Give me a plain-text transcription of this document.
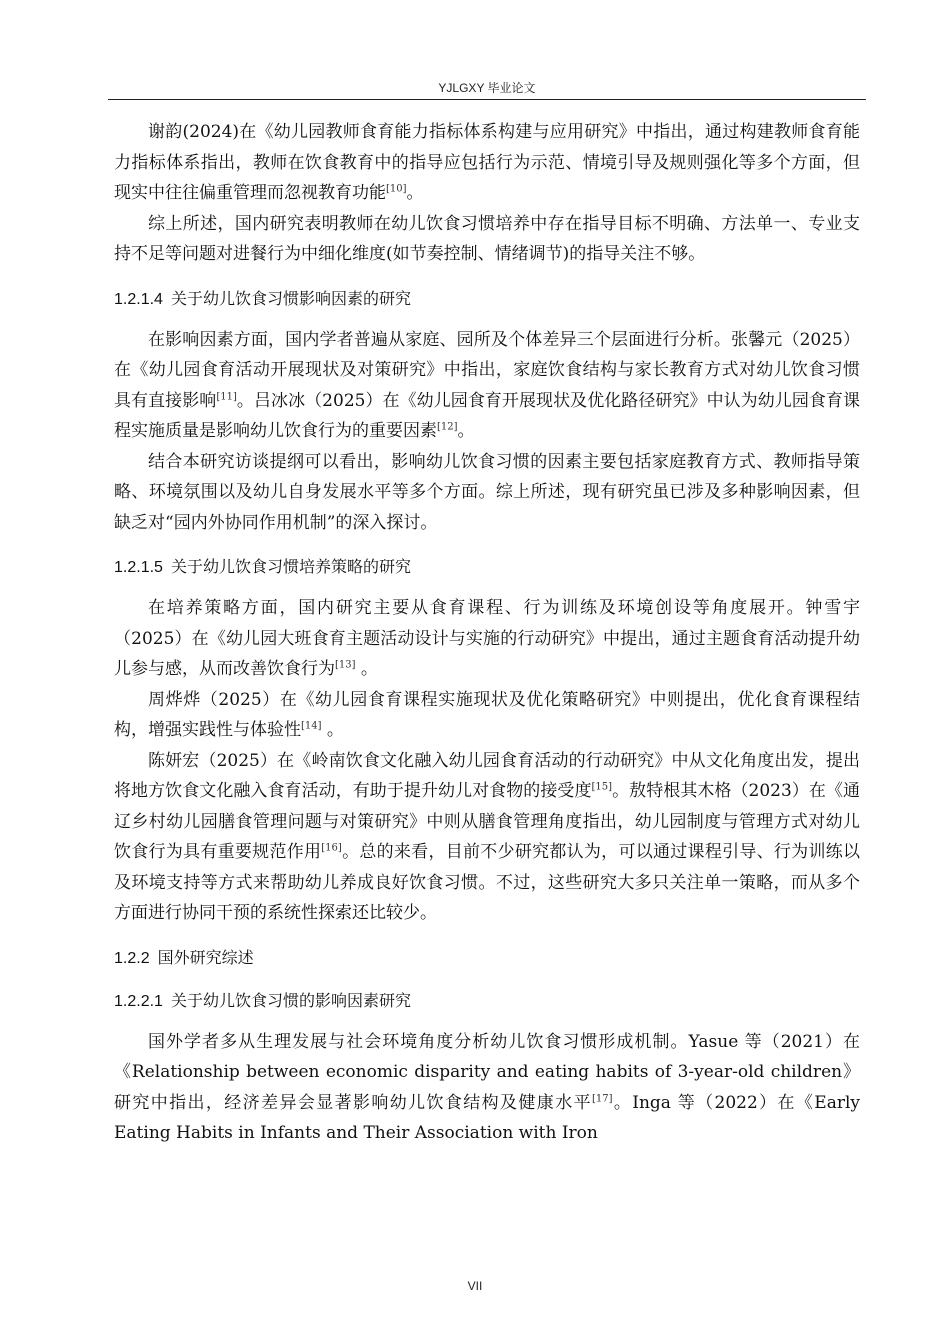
YJLGXY 毕业论文

谢韵(2024)在《幼儿园教师食育能力指标体系构建与应用研究》中指出，通过构建教师食育能力指标体系指出，教师在饮食教育中的指导应包括行为示范、情境引导及规则强化等多个方面，但现实中往往偏重管理而忽视教育功能[10]。

综上所述，国内研究表明教师在幼儿饮食习惯培养中存在指导目标不明确、方法单一、专业支持不足等问题对进餐行为中细化维度(如节奏控制、情绪调节)的指导关注不够。

1.2.1.4 关于幼儿饮食习惯影响因素的研究

在影响因素方面，国内学者普遍从家庭、园所及个体差异三个层面进行分析。张馨元（2025）在《幼儿园食育活动开展现状及对策研究》中指出，家庭饮食结构与家长教育方式对幼儿饮食习惯具有直接影响[11]。吕冰冰（2025）在《幼儿园食育开展现状及优化路径研究》中认为幼儿园食育课程实施质量是影响幼儿饮食行为的重要因素[12]。

结合本研究访谈提纲可以看出，影响幼儿饮食习惯的因素主要包括家庭教育方式、教师指导策略、环境氛围以及幼儿自身发展水平等多个方面。综上所述，现有研究虽已涉及多种影响因素，但缺乏对“园内外协同作用机制”的深入探讨。

1.2.1.5 关于幼儿饮食习惯培养策略的研究

在培养策略方面，国内研究主要从食育课程、行为训练及环境创设等角度展开。钟雪宇（2025）在《幼儿园大班食育主题活动设计与实施的行动研究》中提出，通过主题食育活动提升幼儿参与感，从而改善饮食行为[13] 。

周烨烨（2025）在《幼儿园食育课程实施现状及优化策略研究》中则提出，优化食育课程结构，增强实践性与体验性[14] 。

陈妍宏（2025）在《岭南饮食文化融入幼儿园食育活动的行动研究》中从文化角度出发，提出将地方饮食文化融入食育活动，有助于提升幼儿对食物的接受度[15]。敖特根其木格（2023）在《通辽乡村幼儿园膳食管理问题与对策研究》中则从膳食管理角度指出，幼儿园制度与管理方式对幼儿饮食行为具有重要规范作用[16]。总的来看，目前不少研究都认为，可以通过课程引导、行为训练以及环境支持等方式来帮助幼儿养成良好饮食习惯。不过，这些研究大多只关注单一策略，而从多个方面进行协同干预的系统性探索还比较少。

1.2.2 国外研究综述
1.2.2.1 关于幼儿饮食习惯的影响因素研究

国外学者多从生理发展与社会环境角度分析幼儿饮食习惯形成机制。Yasue 等（2021）在《Relationship between economic disparity and eating habits of 3-year-old children》研究中指出，经济差异会显著影响幼儿饮食结构及健康水平[17]。Inga 等（2022）在《Early Eating Habits in Infants and Their Association with Iron

VII
